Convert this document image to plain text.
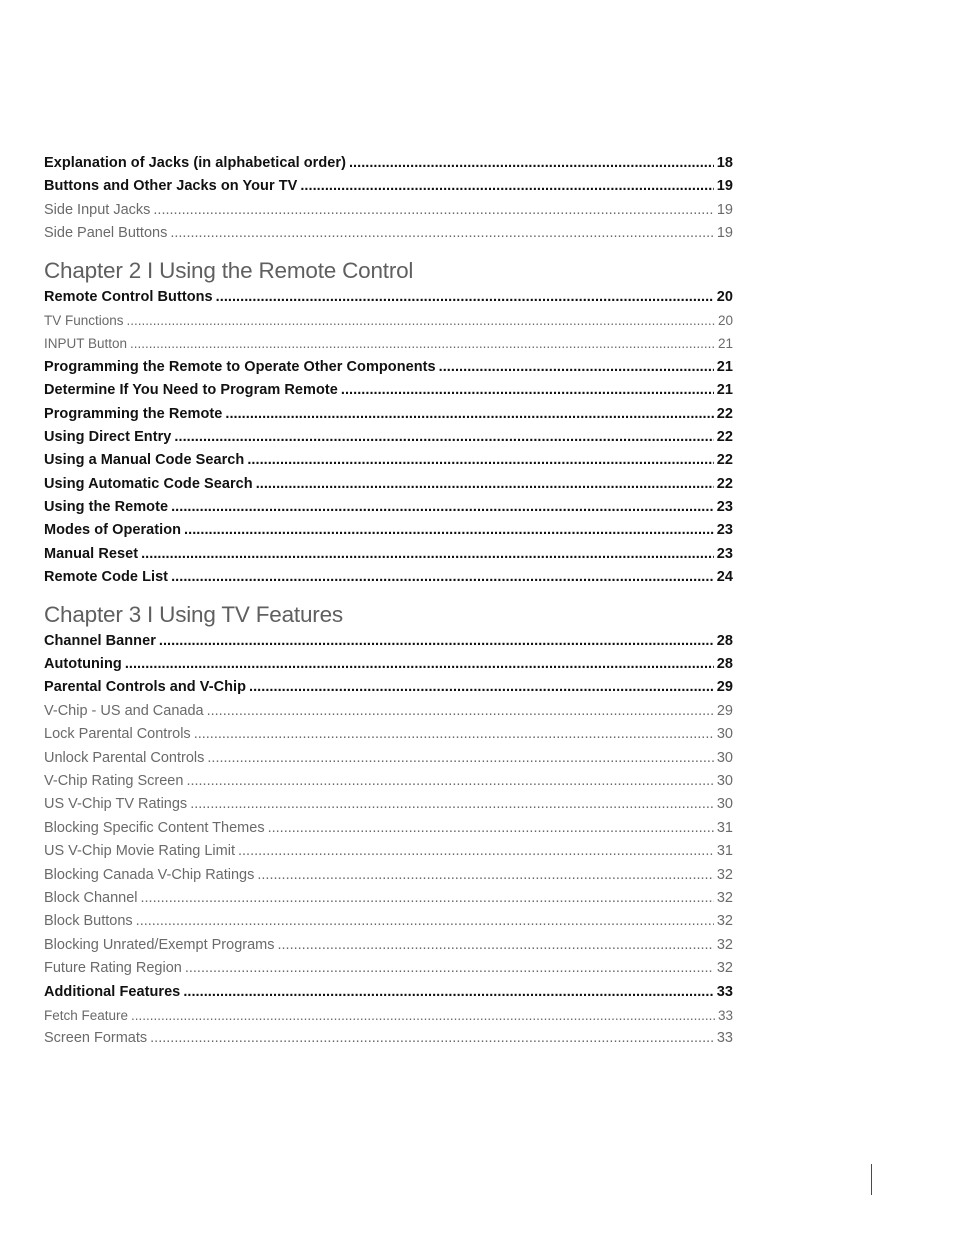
Explanation of Jacks (in alphabetical order) .....	18
Buttons and Other Jacks on Your TV .....	19
Side Input Jacks .....	19
Side Panel Buttons .....	19
Chapter 2 I Using the Remote Control
Remote Control Buttons .....	20
TV Functions .....	20
INPUT Button .....	21
Programming the Remote to Operate Other Components .....	21
Determine If You Need to Program Remote .....	21
Programming the Remote .....	22
Using Direct Entry .....	22
Using a Manual Code Search .....	22
Using Automatic Code Search .....	22
Using the Remote .....	23
Modes of Operation .....	23
Manual Reset .....	23
Remote Code List .....	24
Chapter 3 I Using TV Features
Channel Banner .....	28
Autotuning .....	28
Parental Controls and V-Chip .....	29
V-Chip - US and Canada .....	29
Lock Parental Controls .....	30
Unlock Parental Controls .....	30
V-Chip Rating Screen .....	30
US V-Chip TV Ratings .....	30
Blocking Specific Content Themes .....	31
US V-Chip Movie Rating Limit .....	31
Blocking Canada V-Chip Ratings .....	32
Block Channel .....	32
Block Buttons .....	32
Blocking Unrated/Exempt Programs .....	32
Future Rating Region .....	32
Additional Features .....	33
Fetch Feature .....	33
Screen Formats .....	33
